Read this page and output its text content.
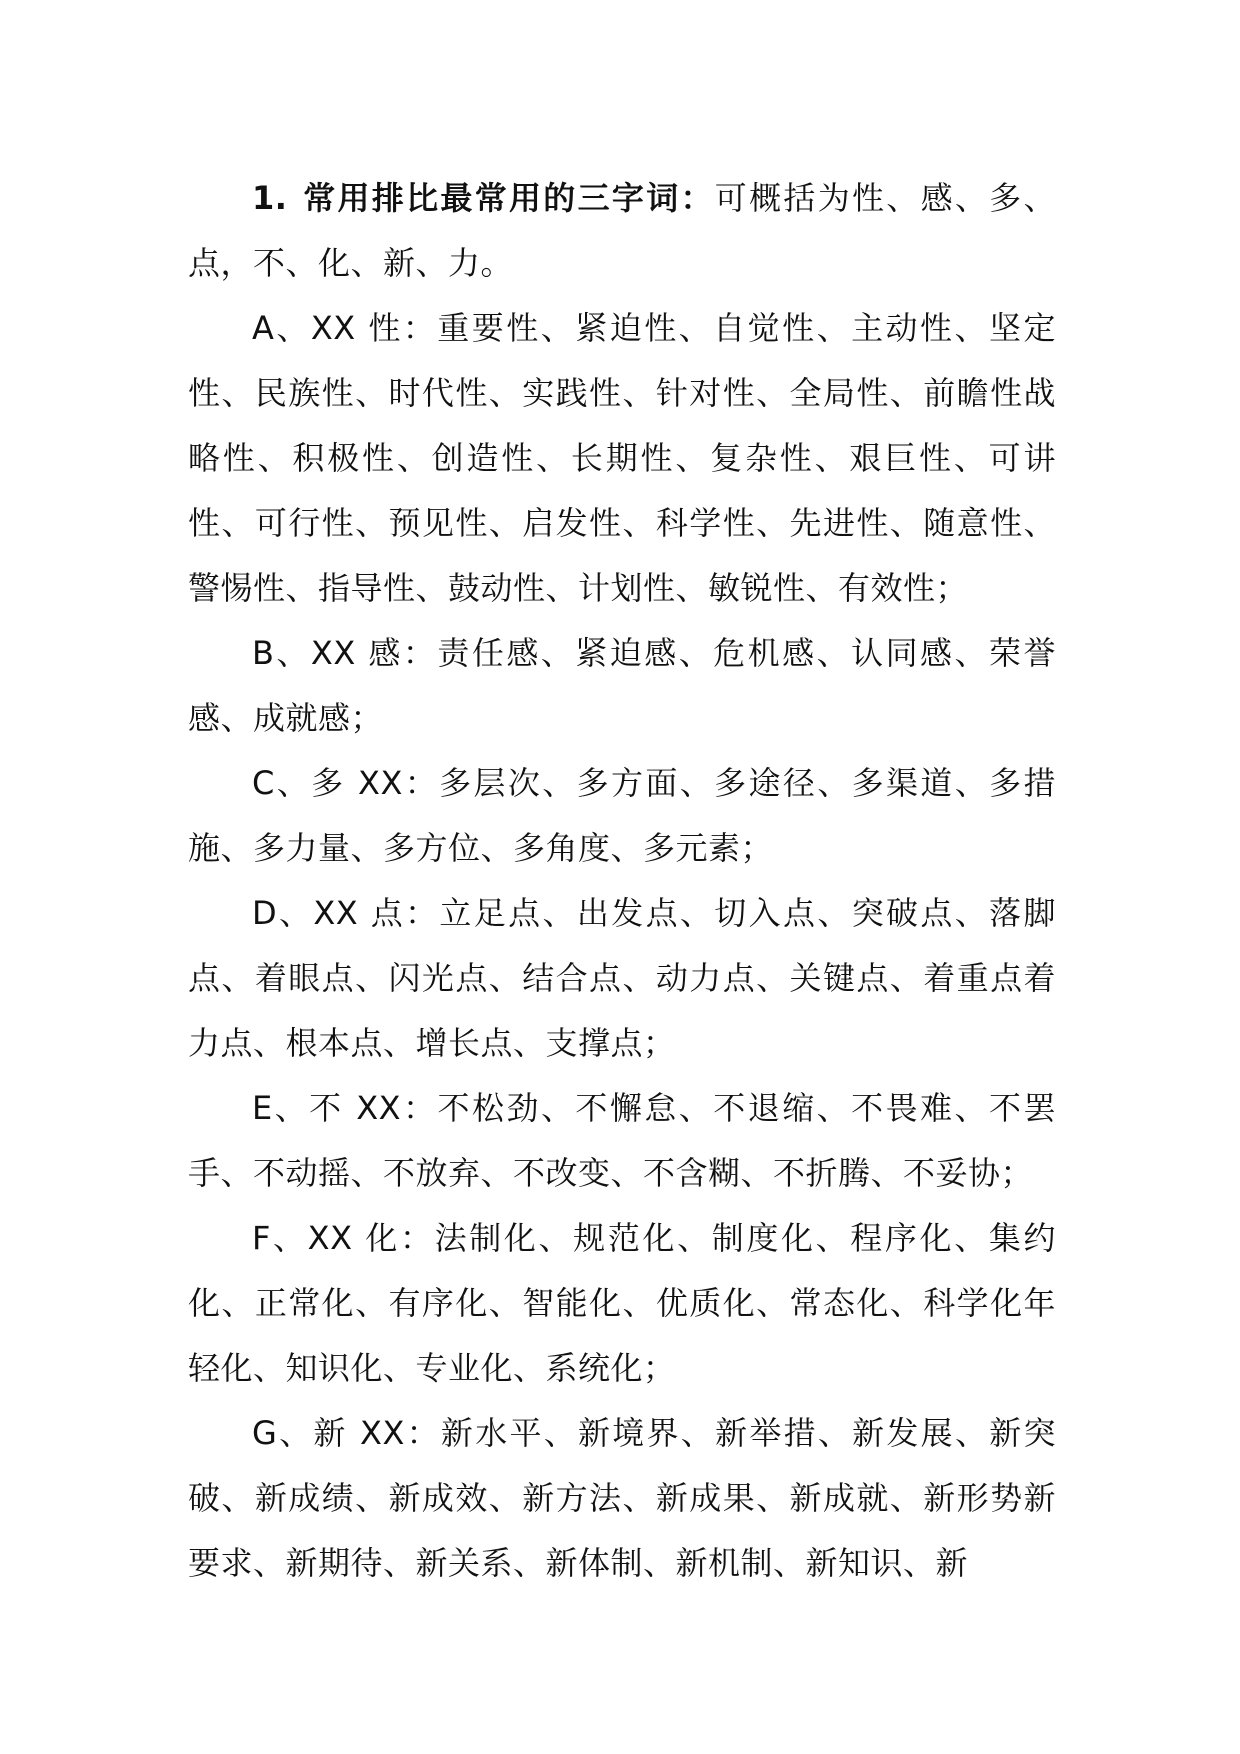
1. 常用排比最常用的三字词：可概括为性、感、多、点，不、化、新、力。

A、XX 性：重要性、紧迫性、自觉性、主动性、坚定性、民族性、时代性、实践性、针对性、全局性、前瞻性战略性、积极性、创造性、长期性、复杂性、艰巨性、可讲性、可行性、预见性、启发性、科学性、先进性、随意性、警惕性、指导性、鼓动性、计划性、敏锐性、有效性；

B、XX 感：责任感、紧迫感、危机感、认同感、荣誉感、成就感；

C、多 XX：多层次、多方面、多途径、多渠道、多措施、多力量、多方位、多角度、多元素；

D、XX 点：立足点、出发点、切入点、突破点、落脚点、着眼点、闪光点、结合点、动力点、关键点、着重点着力点、根本点、增长点、支撑点；

E、不 XX：不松劲、不懈怠、不退缩、不畏难、不罢手、不动摇、不放弃、不改变、不含糊、不折腾、不妥协；

F、XX 化：法制化、规范化、制度化、程序化、集约化、正常化、有序化、智能化、优质化、常态化、科学化年轻化、知识化、专业化、系统化；

G、新 XX：新水平、新境界、新举措、新发展、新突破、新成绩、新成效、新方法、新成果、新成就、新形势新要求、新期待、新关系、新体制、新机制、新知识、新
